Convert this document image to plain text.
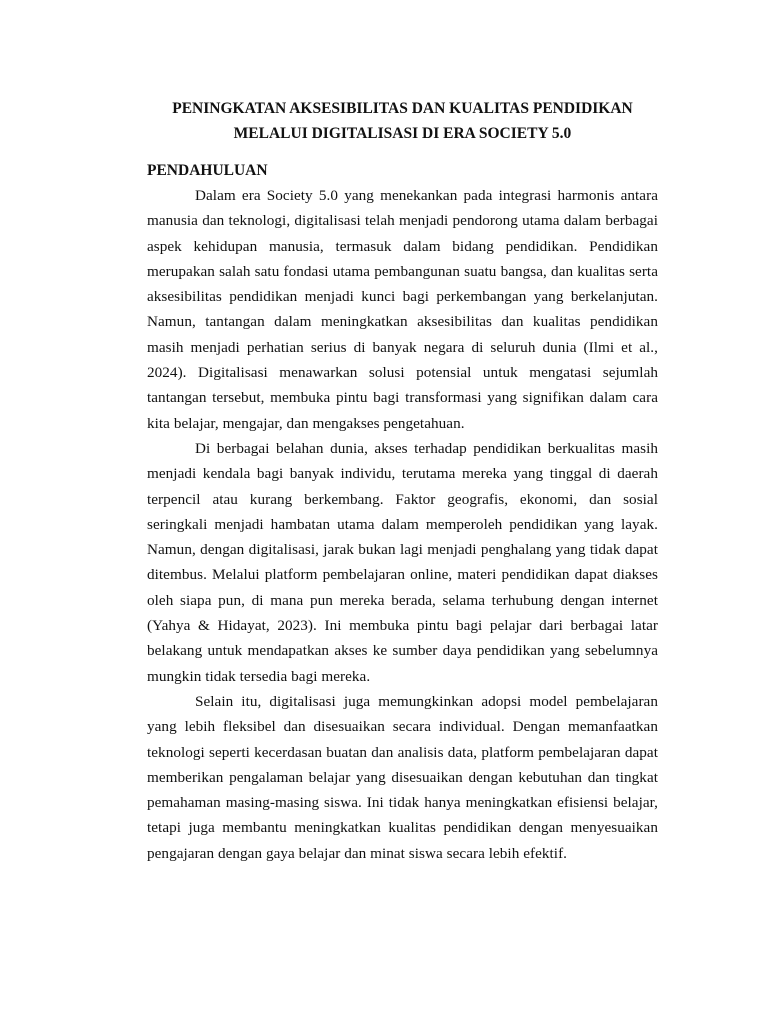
PENINGKATAN AKSESIBILITAS DAN KUALITAS PENDIDIKAN
MELALUI DIGITALISASI DI ERA SOCIETY 5.0
PENDAHULUAN

Dalam era Society 5.0 yang menekankan pada integrasi harmonis antara manusia dan teknologi, digitalisasi telah menjadi pendorong utama dalam berbagai aspek kehidupan manusia, termasuk dalam bidang pendidikan. Pendidikan merupakan salah satu fondasi utama pembangunan suatu bangsa, dan kualitas serta aksesibilitas pendidikan menjadi kunci bagi perkembangan yang berkelanjutan. Namun, tantangan dalam meningkatkan aksesibilitas dan kualitas pendidikan masih menjadi perhatian serius di banyak negara di seluruh dunia (Ilmi et al., 2024). Digitalisasi menawarkan solusi potensial untuk mengatasi sejumlah tantangan tersebut, membuka pintu bagi transformasi yang signifikan dalam cara kita belajar, mengajar, dan mengakses pengetahuan.

Di berbagai belahan dunia, akses terhadap pendidikan berkualitas masih menjadi kendala bagi banyak individu, terutama mereka yang tinggal di daerah terpencil atau kurang berkembang. Faktor geografis, ekonomi, dan sosial seringkali menjadi hambatan utama dalam memperoleh pendidikan yang layak. Namun, dengan digitalisasi, jarak bukan lagi menjadi penghalang yang tidak dapat ditembus. Melalui platform pembelajaran online, materi pendidikan dapat diakses oleh siapa pun, di mana pun mereka berada, selama terhubung dengan internet (Yahya & Hidayat, 2023). Ini membuka pintu bagi pelajar dari berbagai latar belakang untuk mendapatkan akses ke sumber daya pendidikan yang sebelumnya mungkin tidak tersedia bagi mereka.

Selain itu, digitalisasi juga memungkinkan adopsi model pembelajaran yang lebih fleksibel dan disesuaikan secara individual. Dengan memanfaatkan teknologi seperti kecerdasan buatan dan analisis data, platform pembelajaran dapat memberikan pengalaman belajar yang disesuaikan dengan kebutuhan dan tingkat pemahaman masing-masing siswa. Ini tidak hanya meningkatkan efisiensi belajar, tetapi juga membantu meningkatkan kualitas pendidikan dengan menyesuaikan pengajaran dengan gaya belajar dan minat siswa secara lebih efektif.
